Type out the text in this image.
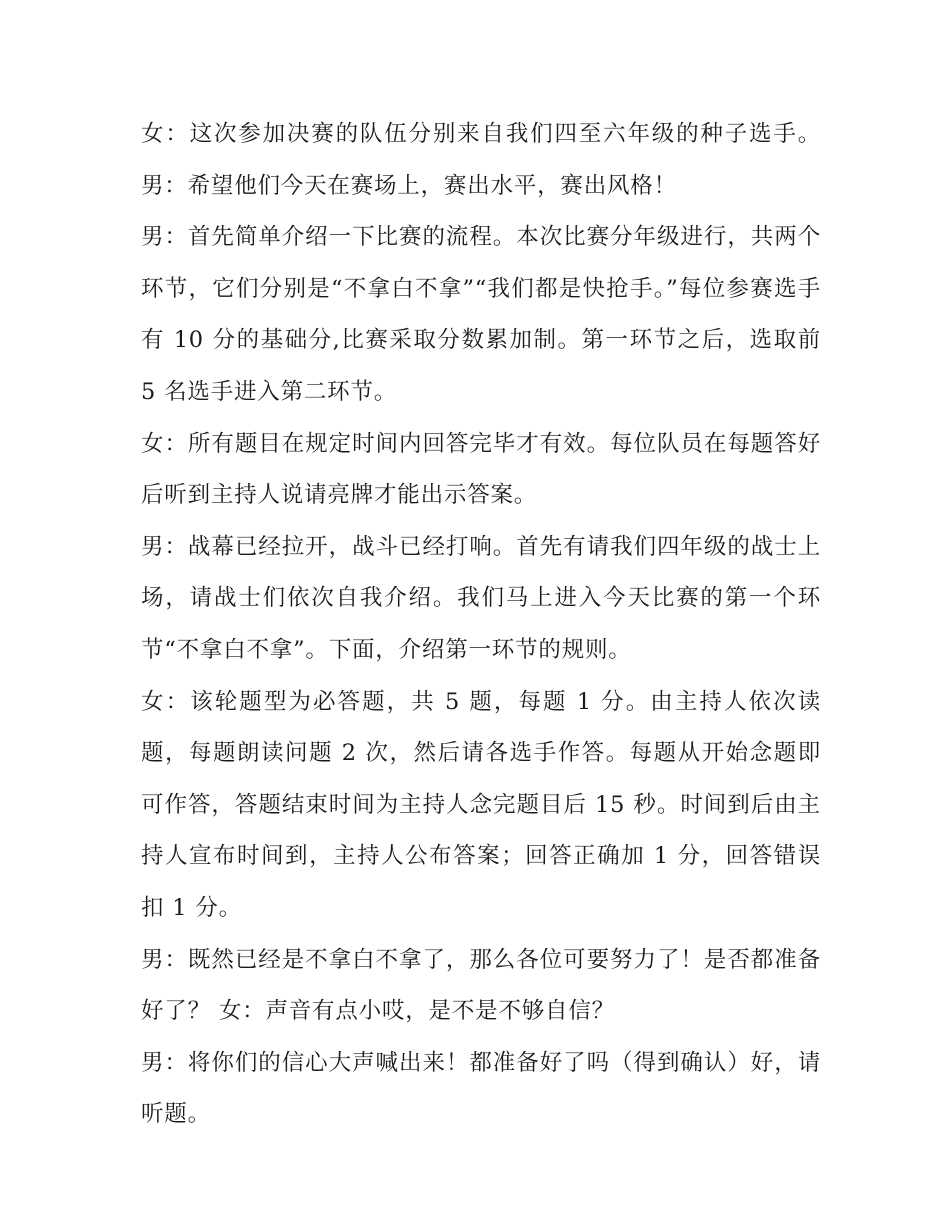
女：这次参加决赛的队伍分别来自我们四至六年级的种子选手。 男：希望他们今天在赛场上，赛出水平，赛出风格！

男：首先简单介绍一下比赛的流程。本次比赛分年级进行，共两个环节，它们分别是“不拿白不拿”“我们都是快抢手。”每位参赛选手有 10 分的基础分,比赛采取分数累加制。第一环节之后，选取前 5 名选手进入第二环节。

女：所有题目在规定时间内回答完毕才有效。每位队员在每题答好后听到主持人说请亮牌才能出示答案。

男：战幕已经拉开，战斗已经打响。首先有请我们四年级的战士上场，请战士们依次自我介绍。我们马上进入今天比赛的第一个环节“不拿白不拿”。下面，介绍第一环节的规则。

女：该轮题型为必答题，共 5 题，每题 1 分。由主持人依次读题，每题朗读问题 2 次，然后请各选手作答。每题从开始念题即可作答，答题结束时间为主持人念完题目后 15 秒。时间到后由主持人宣布时间到，主持人公布答案；回答正确加 1 分，回答错误扣 1 分。

男：既然已经是不拿白不拿了，那么各位可要努力了！是否都准备好了？ 女：声音有点小哎，是不是不够自信？

男：将你们的信心大声喊出来！都准备好了吗（得到确认）好，请听题。
